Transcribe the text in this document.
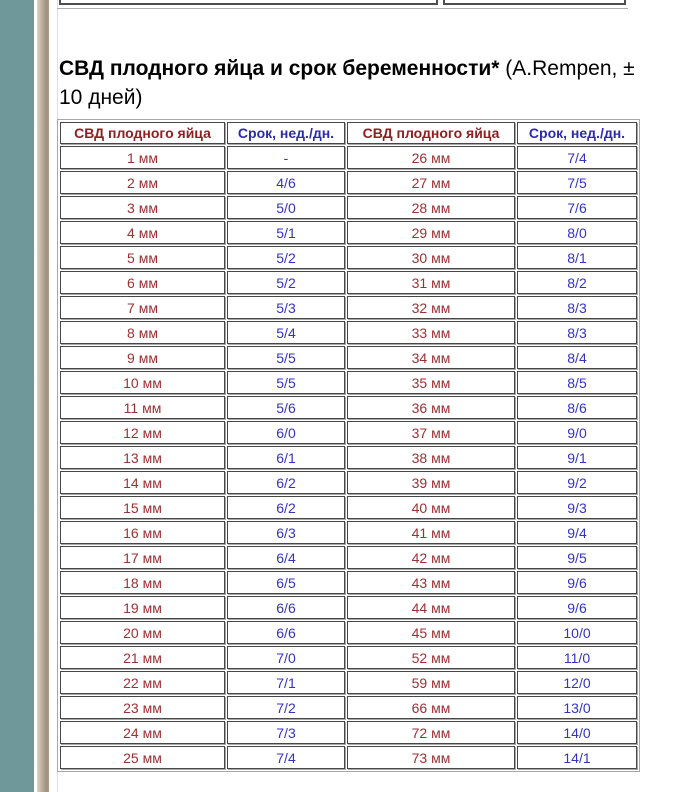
СВД плодного яйца и срок беременности* (A.Rempen, ±
10 дней)
СВД плодного яйца	Срок, нед./дн.	СВД плодного яйца	Срок, нед./дн.
1 мм	-	26 мм	7/4
2 мм	4/6	27 мм	7/5
3 мм	5/0	28 мм	7/6
4 мм	5/1	29 мм	8/0
5 мм	5/2	30 мм	8/1
6 мм	5/2	31 мм	8/2
7 мм	5/3	32 мм	8/3
8 мм	5/4	33 мм	8/3
9 мм	5/5	34 мм	8/4
10 мм	5/5	35 мм	8/5
11 мм	5/6	36 мм	8/6
12 мм	6/0	37 мм	9/0
13 мм	6/1	38 мм	9/1
14 мм	6/2	39 мм	9/2
15 мм	6/2	40 мм	9/3
16 мм	6/3	41 мм	9/4
17 мм	6/4	42 мм	9/5
18 мм	6/5	43 мм	9/6
19 мм	6/6	44 мм	9/6
20 мм	6/6	45 мм	10/0
21 мм	7/0	52 мм	11/0
22 мм	7/1	59 мм	12/0
23 мм	7/2	66 мм	13/0
24 мм	7/3	72 мм	14/0
25 мм	7/4	73 мм	14/1
